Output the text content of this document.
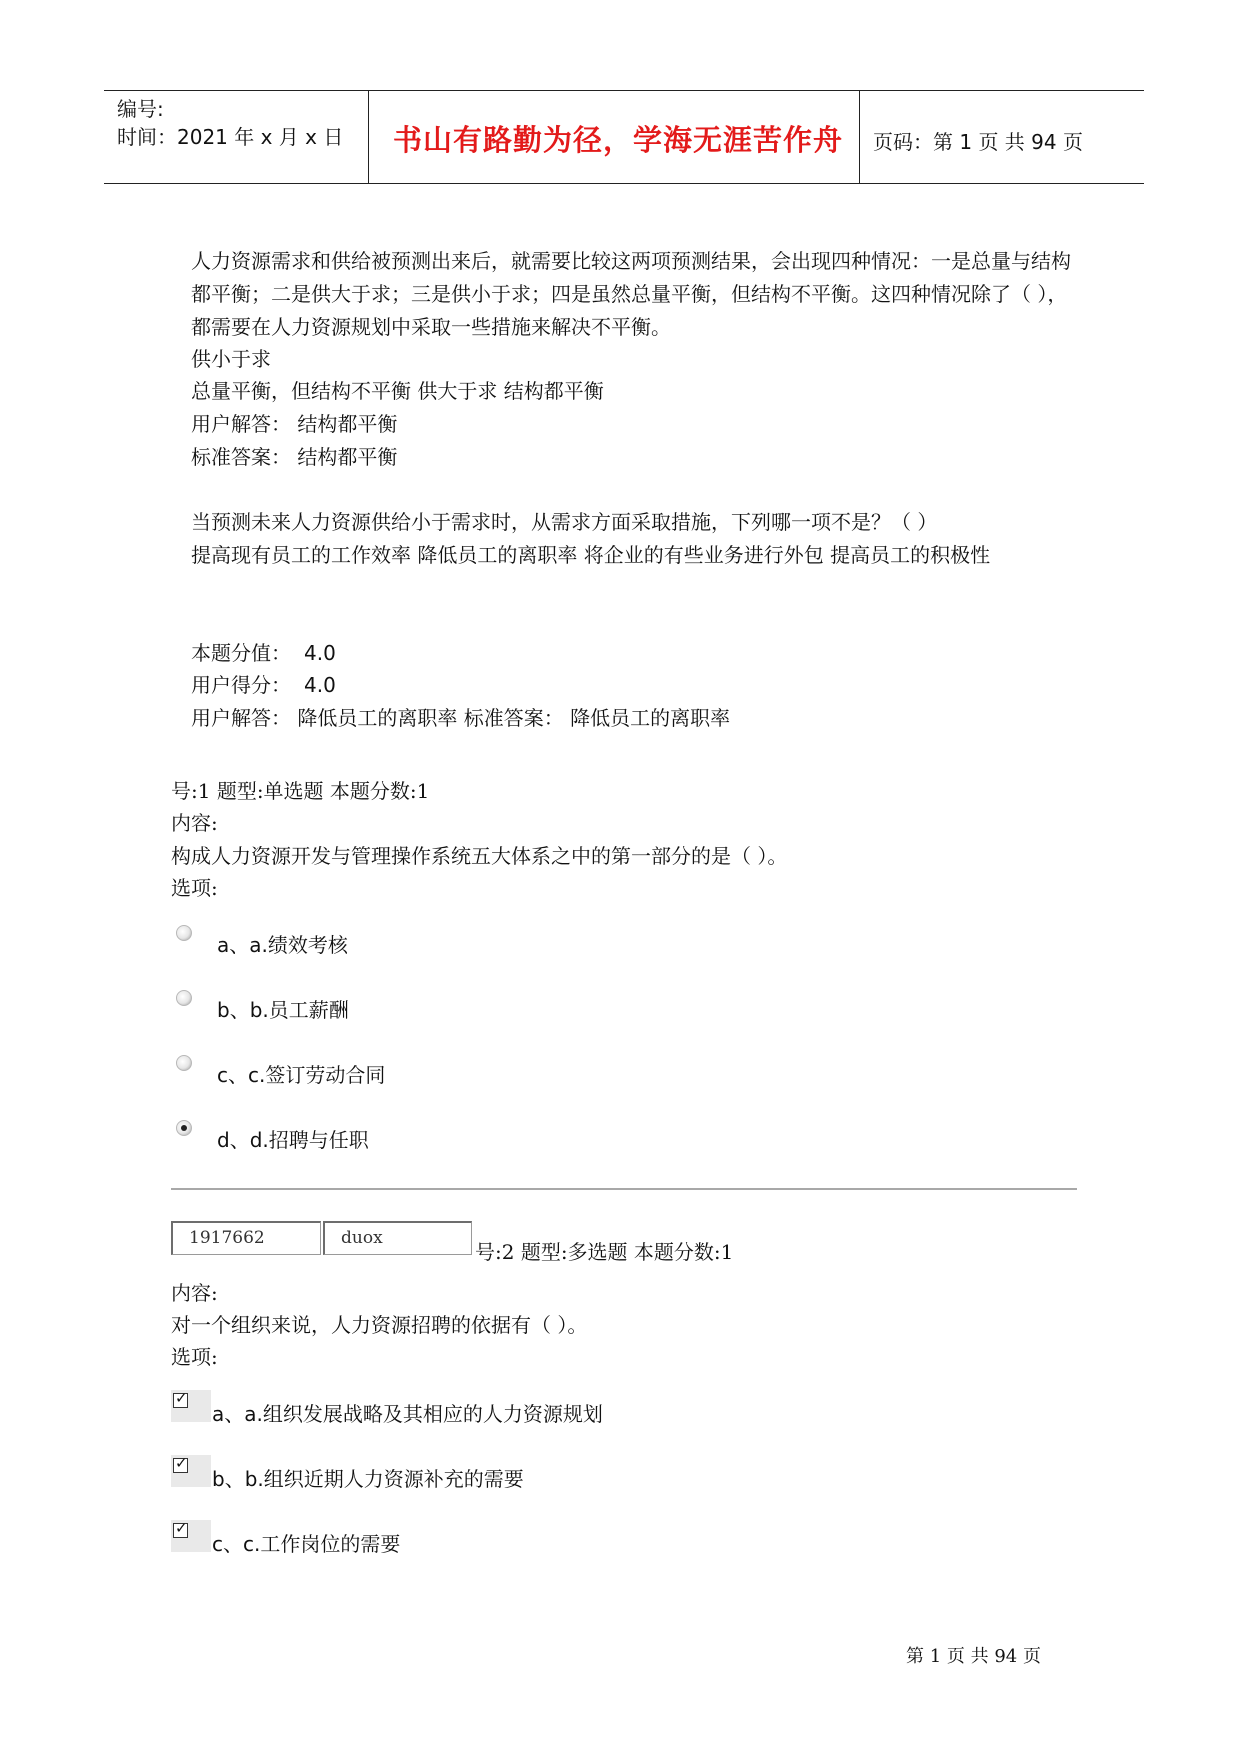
编号:
时间：2021 年 x 月 x 日 书山有路勤为径，学海无涯苦作舟 页码：第 1 页 共 94 页
人力资源需求和供给被预测出来后，就需要比较这两项预测结果，会出现四种情况：一是总量与结构都平衡；二是供大于求；三是供小于求；四是虽然总量平衡，但结构不平衡。这四种情况除了（ ），都需要在人力资源规划中采取一些措施来解决不平衡。
供小于求
总量平衡，但结构不平衡 供大于求 结构都平衡
用户解答： 结构都平衡
标准答案： 结构都平衡
当预测未来人力资源供给小于需求时，从需求方面采取措施，下列哪一项不是？（ ）
提高现有员工的工作效率 降低员工的离职率 将企业的有些业务进行外包 提高员工的积极性
本题分值： 4.0
用户得分： 4.0
用户解答： 降低员工的离职率 标准答案： 降低员工的离职率
号:1 题型:单选题 本题分数:1
内容:
构成人力资源开发与管理操作系统五大体系之中的第一部分的是（ ）。
选项:
a、a.绩效考核
b、b.员工薪酬
c、c.签订劳动合同
d、d.招聘与任职
1917662	duox
号:2 题型:多选题 本题分数:1
内容:
对一个组织来说，人力资源招聘的依据有（ ）。
选项:
✓
a、a.组织发展战略及其相应的人力资源规划
✓
b、b.组织近期人力资源补充的需要
✓
c、c.工作岗位的需要
第 1 页 共 94 页
